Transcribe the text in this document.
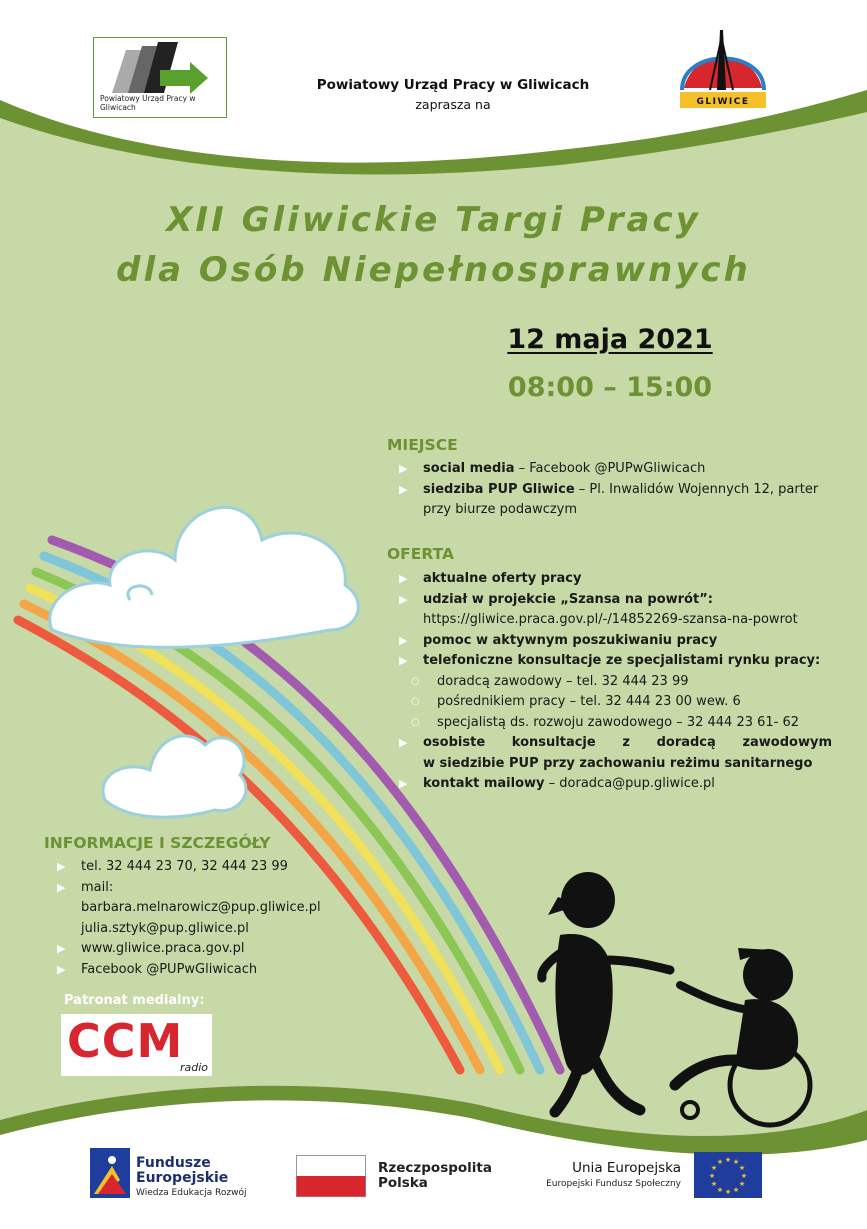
Powiatowy Urząd Pracy w Gliwicach
Powiatowy Urząd Pracy w Gliwicach
zaprasza na	GLIWICE
XII Gliwickie Targi Pracy
dla Osób Niepełnosprawnych
12 maja 2021
08:00 – 15:00
MIEJSCE
▶ social media – Facebook @PUPwGliwicach
▶ siedziba PUP Gliwice – Pl. Inwalidów Wojennych 12, parter
przy biurze podawczym
OFERTA
▶ aktualne oferty pracy
▶ udział w projekcie „Szansa na powrót”:
https://gliwice.praca.gov.pl/-/14852269-szansa-na-powrot
▶ pomoc w aktywnym poszukiwaniu pracy
▶ telefoniczne konsultacje ze specjalistami rynku pracy:
○ doradcą zawodowy – tel. 32 444 23 99
○ pośrednikiem pracy – tel. 32 444 23 00 wew. 6
○ specjalistą ds. rozwoju zawodowego – 32 444 23 61- 62
▶ osobiste konsultacje z doradcą zawodowym
w siedzibie PUP przy zachowaniu reżimu sanitarnego
▶ kontakt mailowy – doradca@pup.gliwice.pl
INFORMACJE I SZCZEGÓŁY
▶ tel. 32 444 23 70, 32 444 23 99
▶ mail:
barbara.melnarowicz@pup.gliwice.pl
julia.sztyk@pup.gliwice.pl
▶ www.gliwice.praca.gov.pl
▶ Facebook @PUPwGliwicach
Patronat medialny:
CCM
radio
Fundusze
Europejskie
Wiedza Edukacja Rozwój
Rzeczpospolita
Polska
Unia Europejska
Europejski Fundusz Społeczny
★ ★
★
★
★
★
★
★
★
★
★
★
